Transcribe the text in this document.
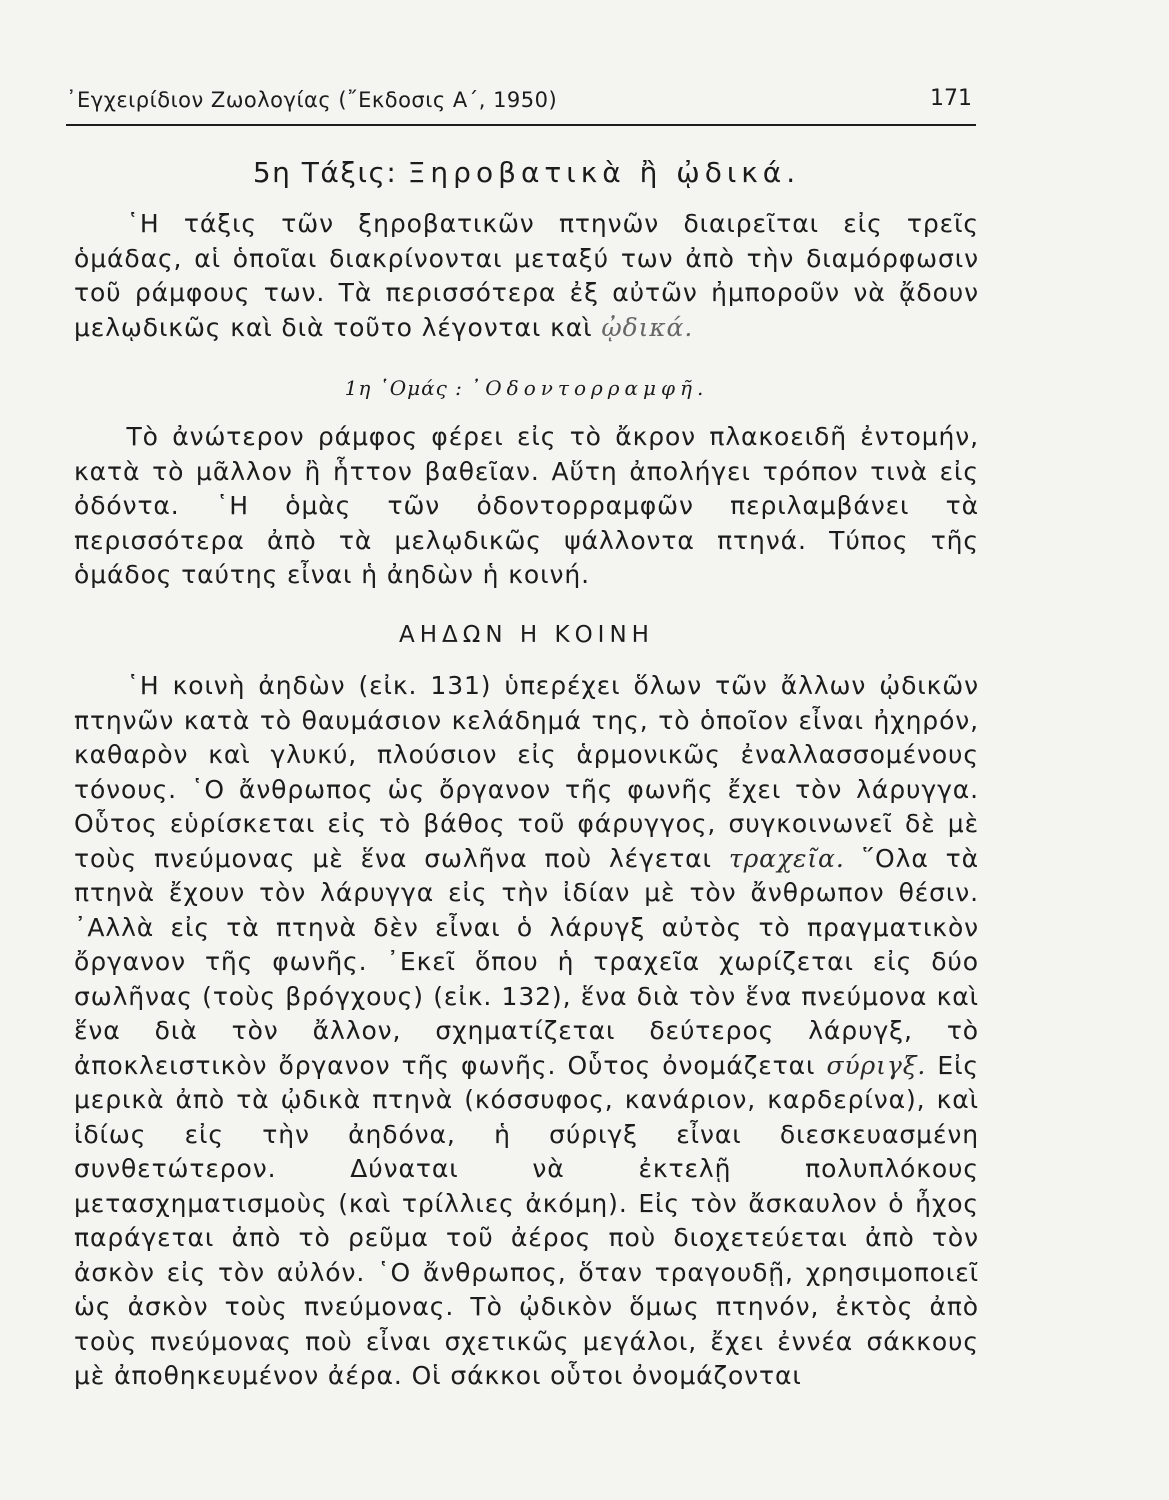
᾿Εγχειρίδιον Ζωολογίας (῎Εκδοσις Α΄, 1950)	171
5η Τάξις: Ξηροβατικὰ ἢ ᾠδικά.

῾Η τάξις τῶν ξηροβατικῶν πτηνῶν διαιρεῖται εἰς τρεῖς ὁμάδας, αἱ ὁποῖαι διακρίνονται μεταξύ των ἀπὸ τὴν διαμόρφωσιν τοῦ ράμφους των. Τὰ περισσότερα ἐξ αὐτῶν ἠμποροῦν νὰ ᾄδουν μελῳδικῶς καὶ διὰ τοῦτο λέγονται καὶ ᾠδικά.

1η ῾Ομάς : ᾿Οδοντορραμφῆ.

Τὸ ἀνώτερον ράμφος φέρει εἰς τὸ ἄκρον πλακοειδῆ ἐντομήν, κατὰ τὸ μᾶλλον ἢ ἧττον βαθεῖαν. Αὕτη ἀπολήγει τρόπον τινὰ εἰς ὀδόντα. ῾Η ὁμὰς τῶν ὀδοντορραμφῶν περιλαμβάνει τὰ περισσότερα ἀπὸ τὰ μελῳδικῶς ψάλλοντα πτηνά. Τύπος τῆς ὁμάδος ταύτης εἶναι ἡ ἀηδὼν ἡ κοινή.

ΑΗΔΩΝ Η ΚΟΙΝΗ

῾Η κοινὴ ἀηδὼν (εἰκ. 131) ὑπερέχει ὅλων τῶν ἄλλων ᾠδικῶν πτηνῶν κατὰ τὸ θαυμάσιον κελάδημά της, τὸ ὁποῖον εἶναι ἠχηρόν, καθαρὸν καὶ γλυκύ, πλούσιον εἰς ἁρμονικῶς ἐναλλασσομένους τόνους. ῾Ο ἄνθρωπος ὡς ὄργανον τῆς φωνῆς ἔχει τὸν λάρυγγα. Οὗτος εὑρίσκεται εἰς τὸ βάθος τοῦ φάρυγγος, συγκοινωνεῖ δὲ μὲ τοὺς πνεύμονας μὲ ἕνα σωλῆνα ποὺ λέγεται τραχεῖα. ῞Ολα τὰ πτηνὰ ἔχουν τὸν λάρυγγα εἰς τὴν ἰδίαν μὲ τὸν ἄνθρωπον θέσιν. ᾿Αλλὰ εἰς τὰ πτηνὰ δὲν εἶναι ὁ λάρυγξ αὐτὸς τὸ πραγματικὸν ὄργανον τῆς φωνῆς. ᾿Εκεῖ ὅπου ἡ τραχεῖα χωρίζεται εἰς δύο σωλῆνας (τοὺς βρόγχους) (εἰκ. 132), ἕνα διὰ τὸν ἕνα πνεύμονα καὶ ἕνα διὰ τὸν ἄλλον, σχηματίζεται δεύτερος λάρυγξ, τὸ ἀποκλειστικὸν ὄργανον τῆς φωνῆς. Οὗτος ὀνομάζεται σύριγξ. Εἰς μερικὰ ἀπὸ τὰ ᾠδικὰ πτηνὰ (κόσσυφος, κανάριον, καρδερίνα), καὶ ἰδίως εἰς τὴν ἀηδόνα, ἡ σύριγξ εἶναι διεσκευασμένη συνθετώτερον. Δύναται νὰ ἐκτελῇ πολυπλόκους μετασχηματισμοὺς (καὶ τρίλλιες ἀκόμη). Εἰς τὸν ἄσκαυλον ὁ ἦχος παράγεται ἀπὸ τὸ ρεῦμα τοῦ ἀέρος ποὺ διοχετεύεται ἀπὸ τὸν ἀσκὸν εἰς τὸν αὐλόν. ῾Ο ἄνθρωπος, ὅταν τραγουδῇ, χρησιμοποιεῖ ὡς ἀσκὸν τοὺς πνεύμονας. Τὸ ᾠδικὸν ὅμως πτηνόν, ἐκτὸς ἀπὸ τοὺς πνεύμονας ποὺ εἶναι σχετικῶς μεγάλοι, ἔχει ἐννέα σάκκους μὲ ἀποθηκευμένον ἀέρα. Οἱ σάκκοι οὗτοι ὀνομάζονται
